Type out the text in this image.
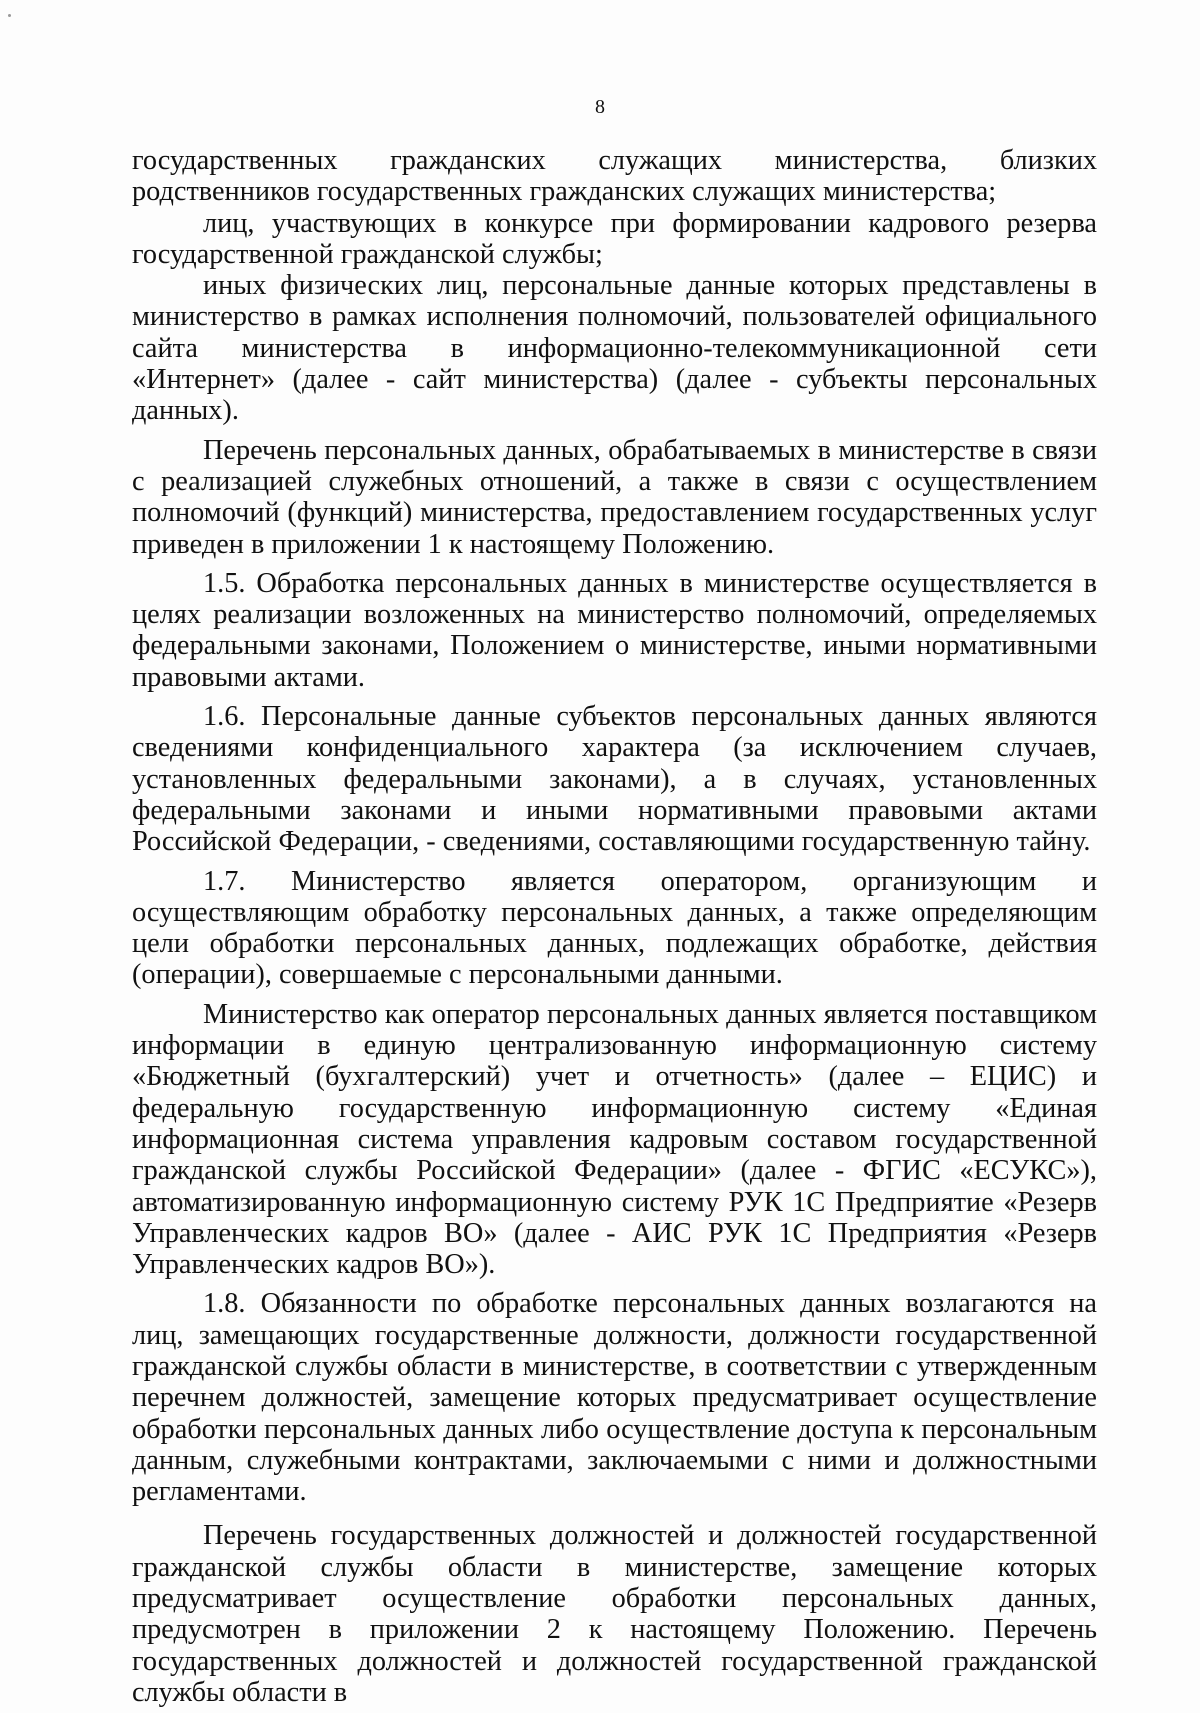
8

государственных гражданских служащих министерства, близких родственников государственных гражданских служащих министерства;

лиц, участвующих в конкурсе при формировании кадрового резерва государственной гражданской службы;

иных физических лиц, персональные данные которых представлены в министерство в рамках исполнения полномочий, пользователей официального сайта министерства в информационно-телекоммуникационной сети «Интернет» (далее - сайт министерства) (далее - субъекты персональных данных).

Перечень персональных данных, обрабатываемых в министерстве в связи с реализацией служебных отношений, а также в связи с осуществлением полномочий (функций) министерства, предоставлением государственных услуг приведен в приложении 1 к настоящему Положению.

1.5. Обработка персональных данных в министерстве осуществляется в целях реализации возложенных на министерство полномочий, определяемых федеральными законами, Положением о министерстве, иными нормативными правовыми актами.

1.6. Персональные данные субъектов персональных данных являются сведениями конфиденциального характера (за исключением случаев, установленных федеральными законами), а в случаях, установленных федеральными законами и иными нормативными правовыми актами Российской Федерации, - сведениями, составляющими государственную тайну.

1.7. Министерство является оператором, организующим и осуществляющим обработку персональных данных, а также определяющим цели обработки персональных данных, подлежащих обработке, действия (операции), совершаемые с персональными данными.

Министерство как оператор персональных данных является поставщиком информации в единую централизованную информационную систему «Бюджетный (бухгалтерский) учет и отчетность» (далее – ЕЦИС) и федеральную государственную информационную систему «Единая информационная система управления кадровым составом государственной гражданской службы Российской Федерации» (далее - ФГИС «ЕСУКС»), автоматизированную информационную систему РУК 1С Предприятие «Резерв Управленческих кадров ВО» (далее - АИС РУК 1С Предприятия «Резерв Управленческих кадров ВО»).

1.8. Обязанности по обработке персональных данных возлагаются на лиц, замещающих государственные должности, должности государственной гражданской службы области в министерстве, в соответствии с утвержденным перечнем должностей, замещение которых предусматривает осуществление обработки персональных данных либо осуществление доступа к персональным данным, служебными контрактами, заключаемыми с ними и должностными регламентами.

Перечень государственных должностей и должностей государственной гражданской службы области в министерстве, замещение которых предусматривает осуществление обработки персональных данных, предусмотрен в приложении 2 к настоящему Положению. Перечень государственных должностей и должностей государственной гражданской службы области в
